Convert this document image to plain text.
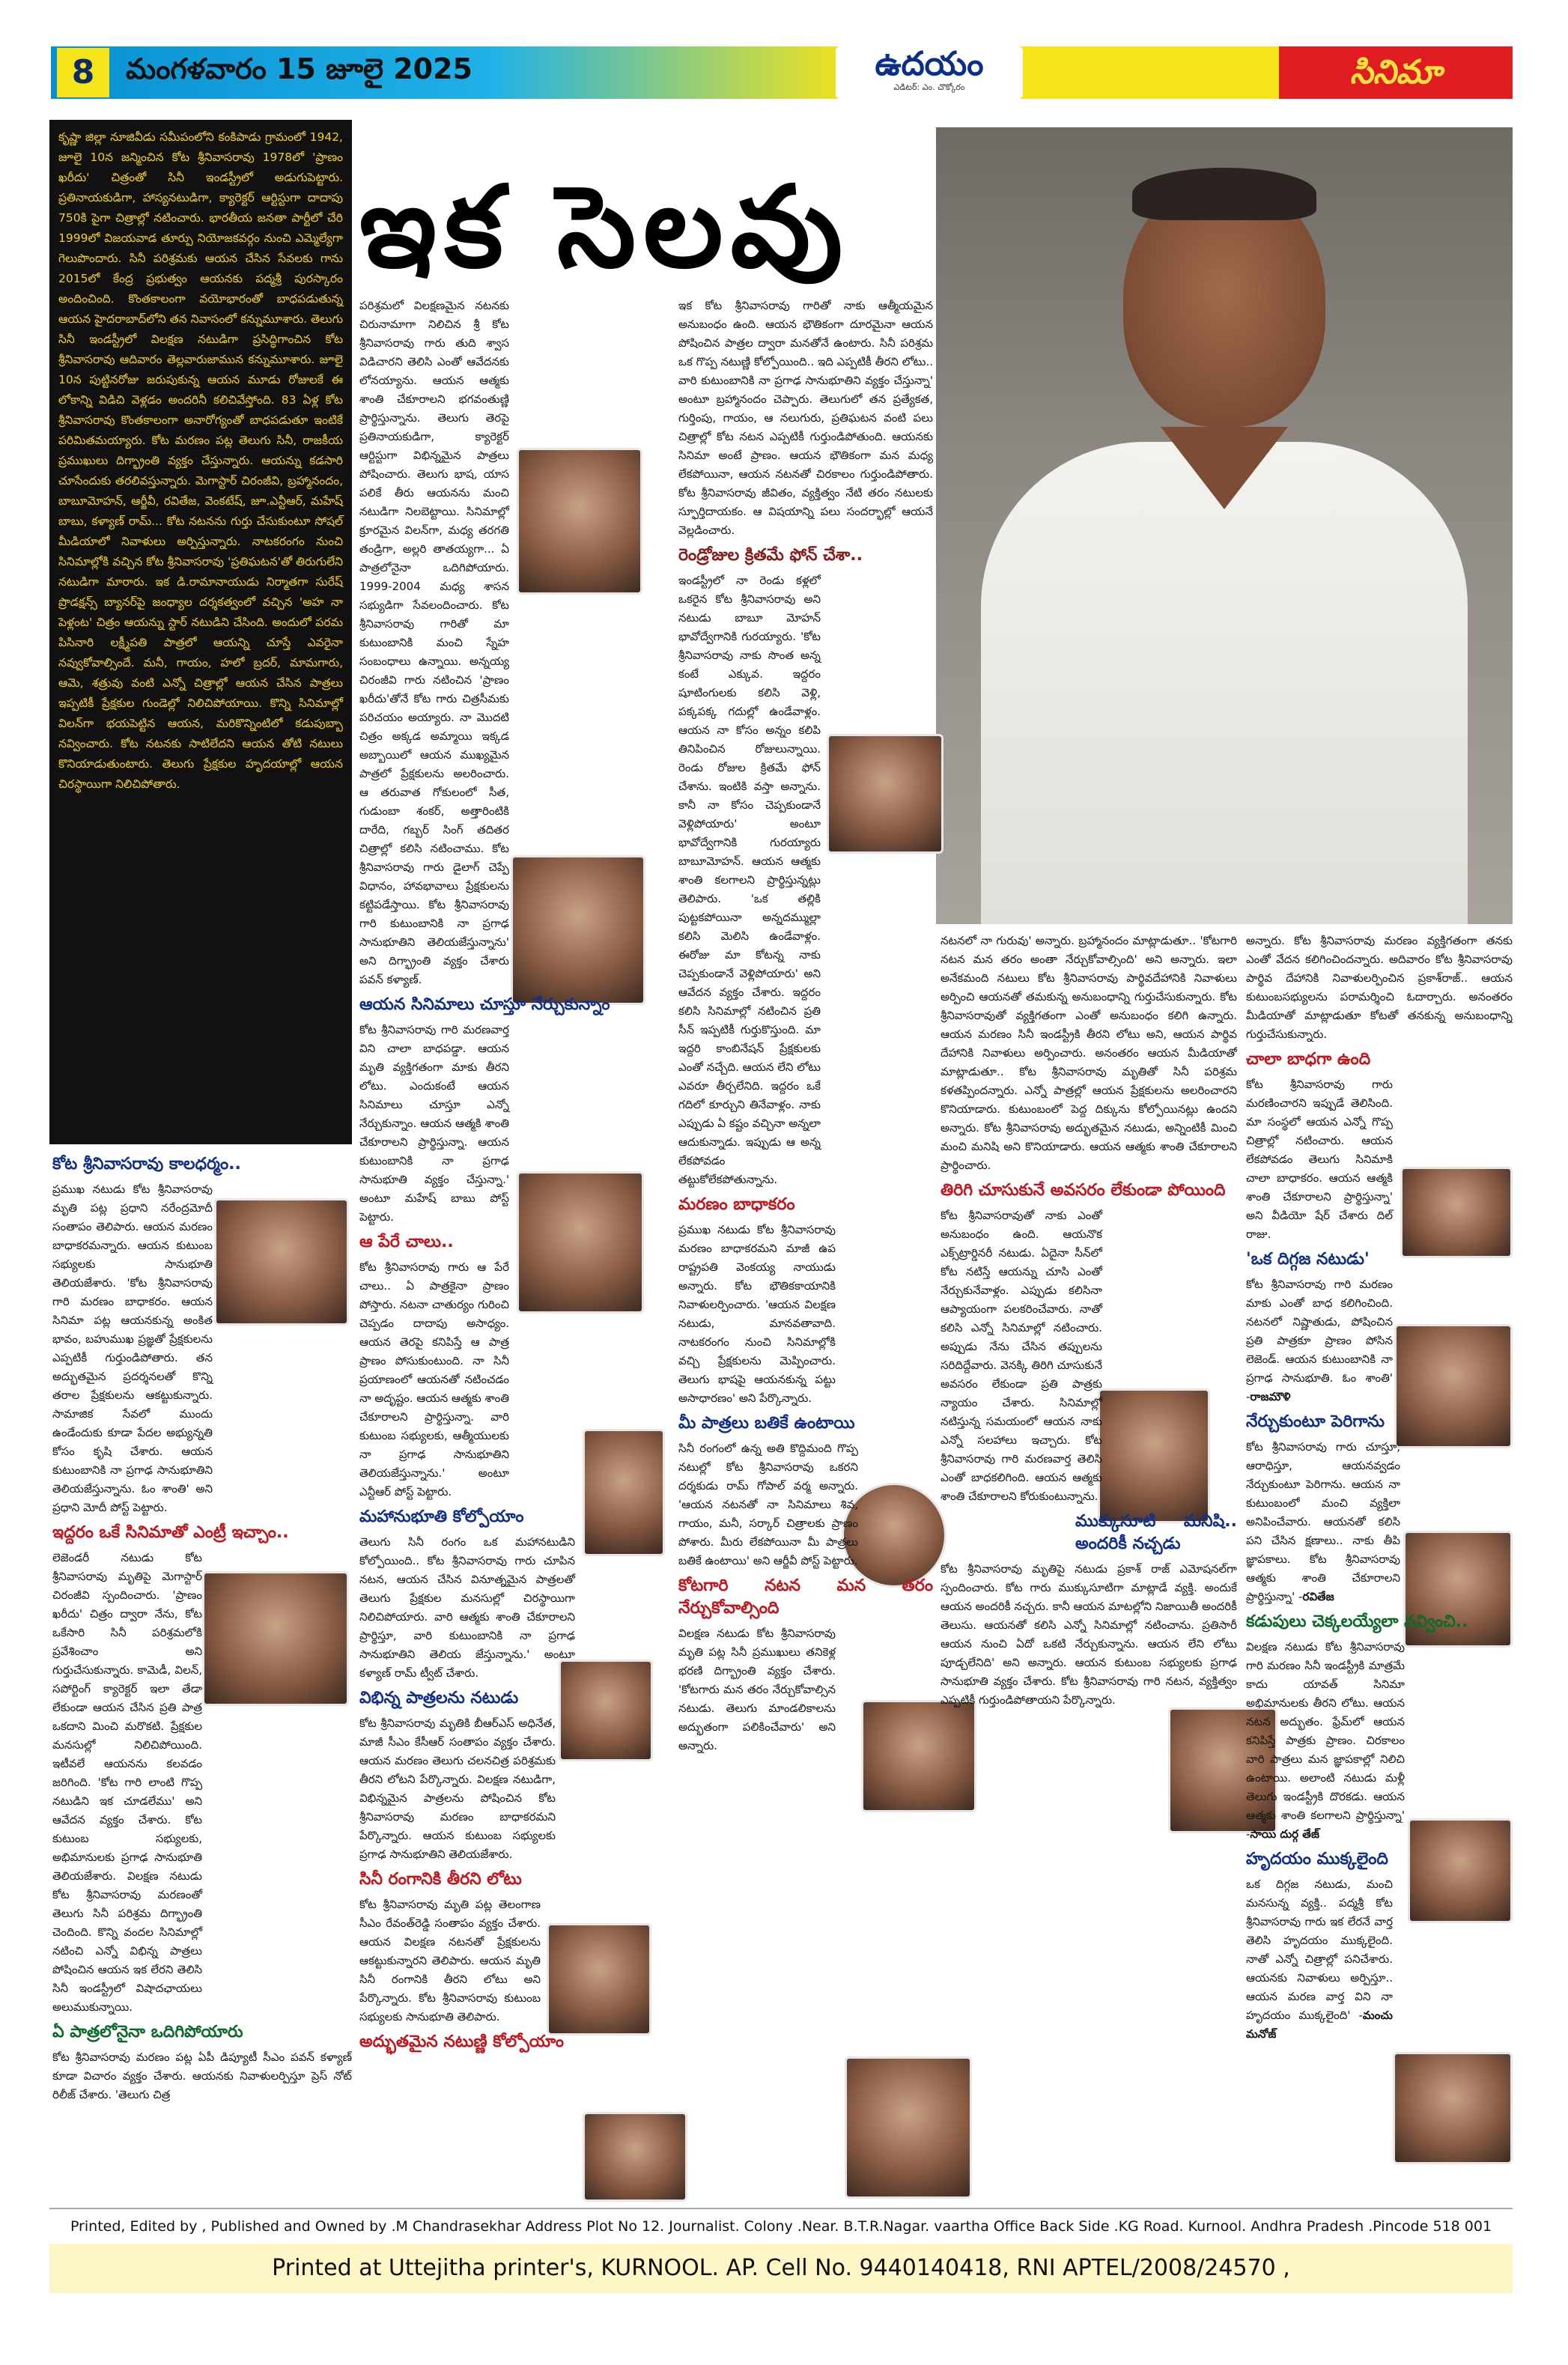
8	మంగళవారం 15 జూలై 2025	ఉదయం
ఎడిటర్: ఎం. చొక్కోరం	సినిమా
కృష్ణా జిల్లా నూజివీడు సమీపంలోని కంకిపాడు గ్రామంలో 1942, జూలై 10న జన్మించిన కోట శ్రీనివాసరావు 1978లో 'ప్రాణం ఖరీదు' చిత్రంతో సినీ ఇండస్ట్రీలో అడుగుపెట్టారు. ప్రతినాయకుడిగా, హాస్యనటుడిగా, క్యారెక్టర్ ఆర్టిస్టుగా దాదాపు 750కి పైగా చిత్రాల్లో నటించారు. భారతీయ జనతా పార్టీలో చేరి 1999లో విజయవాడ తూర్పు నియోజకవర్గం నుంచి ఎమ్మెల్యేగా గెలుపొందారు. సినీ పరిశ్రమకు ఆయన చేసిన సేవలకు గాను 2015లో కేంద్ర ప్రభుత్వం ఆయనకు పద్మశ్రీ పురస్కారం అందించింది. కొంతకాలంగా వయోభారంతో బాధపడుతున్న ఆయన హైదరాబాద్‌లోని తన నివాసంలో కన్నుమూశారు. తెలుగు సినీ ఇండస్ట్రీలో విలక్షణ నటుడిగా ప్రసిద్ధిగాంచిన కోట శ్రీనివాసరావు ఆదివారం తెల్లవారుజామున కన్నుమూశారు. జూలై 10న పుట్టినరోజు జరుపుకున్న ఆయన మూడు రోజులకే ఈ లోకాన్ని విడిచి వెళ్లడం అందరినీ కలిచివేస్తోంది. 83 ఏళ్ల కోట శ్రీనివాసరావు కొంతకాలంగా అనారోగ్యంతో బాధపడుతూ ఇంటికే పరిమితమయ్యారు. కోట మరణం పట్ల తెలుగు సినీ, రాజకీయ ప్రముఖులు దిగ్భ్రాంతి వ్యక్తం చేస్తున్నారు. ఆయన్ను కడసారి చూసేందుకు తరలివస్తున్నారు. మెగాస్టార్ చిరంజీవి, బ్రహ్మానందం, బాబూమోహన్, ఆర్జీవీ, రవితేజ, వెంకటేష్, జూ.ఎన్టీఆర్, మహేష్ బాబు, కళ్యాణ్ రామ్... కోట నటనను గుర్తు చేసుకుంటూ సోషల్ మీడియాలో నివాళులు అర్పిస్తున్నారు. నాటకరంగం నుంచి సినిమాల్లోకి వచ్చిన కోట శ్రీనివాసరావు 'ప్రతిఘటన'తో తిరుగులేని నటుడిగా మారారు. ఇక డి.రామానాయుడు నిర్మాతగా సురేష్ ప్రొడక్షన్స్ బ్యానర్‌పై జంధ్యాల దర్శకత్వంలో వచ్చిన 'అహ నా పెళ్లంట' చిత్రం ఆయన్ను స్టార్ నటుడిని చేసింది. అందులో పరమ పిసినారి లక్ష్మీపతి పాత్రలో ఆయన్ని చూస్తే ఎవరైనా నవ్వుకోవాల్సిందే. మనీ, గాయం, హలో బ్రదర్, మామగారు, ఆమె, శత్రువు వంటి ఎన్నో చిత్రాల్లో ఆయన చేసిన పాత్రలు ఇప్పటికీ ప్రేక్షకుల గుండెల్లో నిలిచిపోయాయి. కొన్ని సినిమాల్లో విలన్‌గా భయపెట్టిన ఆయన, మరికొన్నింటిలో కడుపుబ్బా నవ్వించారు. కోట నటనకు సాటిలేదని ఆయన తోటి నటులు కొనియాడుతుంటారు. తెలుగు ప్రేక్షకుల హృదయాల్లో ఆయన చిరస్థాయిగా నిలిచిపోతారు.
ఇక సెలవు

పరిశ్రమలో విలక్షణమైన నటనకు చిరునామాగా నిలిచిన శ్రీ కోట శ్రీనివాసరావు గారు తుది శ్వాస విడిచారని తెలిసి ఎంతో ఆవేదనకు లోనయ్యాను. ఆయన ఆత్మకు శాంతి చేకూరాలని భగవంతుణ్ణి ప్రార్థిస్తున్నాను. తెలుగు తెరపై ప్రతినాయకుడిగా, క్యారెక్టర్ ఆర్టిస్టుగా విభిన్నమైన పాత్రలు పోషించారు. తెలుగు భాష, యాస పలికే తీరు ఆయనను మంచి నటుడిగా నిలబెట్టాయి. సినిమాల్లో క్రూరమైన విలన్‌గా, మధ్య తరగతి తండ్రిగా, అల్లరి తాతయ్యగా... ఏ పాత్రలోనైనా ఒదిగిపోయారు. 1999-2004 మధ్య శాసన సభ్యుడిగా సేవలందించారు. కోట శ్రీనివాసరావు గారితో మా కుటుంబానికి మంచి స్నేహ సంబంధాలు ఉన్నాయి. అన్నయ్య చిరంజీవి గారు నటించిన 'ప్రాణం ఖరీదు'తోనే కోట గారు చిత్రసీమకు పరిచయం అయ్యారు. నా మొదటి చిత్రం అక్కడ అమ్మాయి ఇక్కడ అబ్బాయిలో ఆయన ముఖ్యమైన పాత్రలో ప్రేక్షకులను అలరించారు. ఆ తరువాత గోకులంలో సీత, గుడుంబా శంకర్, అత్తారింటికి దారేది, గబ్బర్ సింగ్ తదితర చిత్రాల్లో కలిసి నటించాము. కోట శ్రీనివాసరావు గారు డైలాగ్ చెప్పే విధానం, హావభావాలు ప్రేక్షకులను కట్టిపడేస్తాయి. కోట శ్రీనివాసరావు గారి కుటుంబానికి నా ప్రగాఢ సానుభూతిని తెలియజేస్తున్నాను' అని దిగ్భ్రాంతి వ్యక్తం చేశారు పవన్ కళ్యాణ్.

ఆయన సినిమాలు చూస్తూ నేర్చుకున్నాం

కోట శ్రీనివాసరావు గారి మరణవార్త విని చాలా బాధపడ్డా. ఆయన మృతి వ్యక్తిగతంగా మాకు తీరని లోటు. ఎందుకంటే ఆయన సినిమాలు చూస్తూ ఎన్నో నేర్చుకున్నాం. ఆయన ఆత్మకి శాంతి చేకూరాలని ప్రార్థిస్తున్నా. ఆయన కుటుంబానికి నా ప్రగాఢ సానుభూతి వ్యక్తం చేస్తున్నా.' అంటూ మహేష్ బాబు పోస్ట్ పెట్టారు.

ఆ పేరే చాలు..

కోట శ్రీనివాసరావు గారు ఆ పేరే చాలు.. ఏ పాత్రకైనా ప్రాణం పోస్తారు. నటనా చాతుర్యం గురించి చెప్పడం దాదాపు అసాధ్యం. ఆయన తెరపై కనిపిస్తే ఆ పాత్ర ప్రాణం పోసుకుంటుంది. నా సినీ ప్రయాణంలో ఆయనతో నటించడం నా అదృష్టం. ఆయన ఆత్మకు శాంతి చేకూరాలని ప్రార్థిస్తున్నా. వారి కుటుంబ సభ్యులకు, ఆత్మీయులకు నా ప్రగాఢ సానుభూతిని తెలియజేస్తున్నాను.' అంటూ ఎన్టీఆర్ పోస్ట్ పెట్టారు.

మహానుభూతి కోల్పోయాం

తెలుగు సినీ రంగం ఒక మహానటుడిని కోల్పోయింది.. కోట శ్రీనివాసరావు గారు చూపిన నటన, ఆయన చేసిన వినూత్నమైన పాత్రలతో తెలుగు ప్రేక్షకుల మనసుల్లో చిరస్థాయిగా నిలిచిపోయారు. వారి ఆత్మకు శాంతి చేకూరాలని ప్రార్థిస్తూ, వారి కుటుంబానికి నా ప్రగాఢ సానుభూతిని తెలియ జేస్తున్నాను.' అంటూ కళ్యాణ్ రామ్ ట్వీట్ చేశారు.

విభిన్న పాత్రలను నటుడు

కోట శ్రీనివాసరావు మృతికి బీఆర్ఎస్ అధినేత, మాజీ సీఎం కేసీఆర్ సంతాపం వ్యక్తం చేశారు. ఆయన మరణం తెలుగు చలనచిత్ర పరిశ్రమకు తీరని లోటని పేర్కొన్నారు. విలక్షణ నటుడిగా, విభిన్నమైన పాత్రలను పోషించిన కోట శ్రీనివాసరావు మరణం బాధాకరమని పేర్కొన్నారు. ఆయన కుటుంబ సభ్యులకు ప్రగాఢ సానుభూతిని తెలియజేశారు.

సినీ రంగానికి తీరని లోటు

కోట శ్రీనివాసరావు మృతి పట్ల తెలంగాణ సీఎం రేవంత్‌రెడ్డి సంతాపం వ్యక్తం చేశారు. ఆయన విలక్షణ నటనతో ప్రేక్షకులను ఆకట్టుకున్నారని తెలిపారు. ఆయన మృతి సినీ రంగానికి తీరని లోటు అని పేర్కొన్నారు. కోట శ్రీనివాసరావు కుటుంబ సభ్యులకు సానుభూతి తెలిపారు.

అద్భుతమైన నటుణ్ణి కోల్పోయాం

ఇక కోట శ్రీనివాసరావు గారితో నాకు ఆత్మీయమైన అనుబంధం ఉంది. ఆయన భౌతికంగా దూరమైనా ఆయన పోషించిన పాత్రల ద్వారా మనతోనే ఉంటారు. సినీ పరిశ్రమ ఒక గొప్ప నటుణ్ణి కోల్పోయింది.. ఇది ఎప్పటికీ తీరని లోటు.. వారి కుటుంబానికి నా ప్రగాఢ సానుభూతిని వ్యక్తం చేస్తున్నా' అంటూ బ్రహ్మానందం చెప్పారు. తెలుగులో తన ప్రత్యేకత, గుర్తింపు, గాయం, ఆ నలుగురు, ప్రతిఘటన వంటి పలు చిత్రాల్లో కోట నటన ఎప్పటికీ గుర్తుండిపోతుంది. ఆయనకు సినిమా అంటే ప్రాణం. ఆయన భౌతికంగా మన మధ్య లేకపోయినా, ఆయన నటనతో చిరకాలం గుర్తుండిపోతారు. కోట శ్రీనివాసరావు జీవితం, వ్యక్తిత్వం నేటి తరం నటులకు స్ఫూర్తిదాయకం. ఆ విషయాన్ని పలు సందర్భాల్లో ఆయనే వెల్లడించారు.

రెండ్రోజుల క్రితమే ఫోన్ చేశా..

ఇండస్ట్రీలో నా రెండు కళ్లలో ఒకరైన కోట శ్రీనివాసరావు అని నటుడు బాబూ మోహన్ భావోద్వేగానికి గురయ్యారు. 'కోట శ్రీనివాసరావు నాకు సొంత అన్న కంటే ఎక్కువ. ఇద్దరం షూటింగులకు కలిసి వెళ్లి, పక్కపక్క గదుల్లో ఉండేవాళ్లం. ఆయన నా కోసం అన్నం కలిపి తినిపించిన రోజులున్నాయి. రెండు రోజుల క్రితమే ఫోన్ చేశాను. ఇంటికి వస్తా అన్నాను. కానీ నా కోసం చెప్పకుండానే వెళ్లిపోయారు' అంటూ భావోద్వేగానికి గురయ్యారు బాబూమోహన్. ఆయన ఆత్మకు శాంతి కలగాలని ప్రార్థిస్తున్నట్లు తెలిపారు. 'ఒక తల్లికి పుట్టకపోయినా అన్నదమ్ముల్లా కలిసి మెలిసి ఉండేవాళ్లం. ఈరోజు మా కోటన్న నాకు చెప్పకుండానే వెళ్లిపోయారు' అని ఆవేదన వ్యక్తం చేశారు. ఇద్దరం కలిసి సినిమాల్లో నటించిన ప్రతి సీన్ ఇప్పటికీ గుర్తుకొస్తుంది. మా ఇద్దరి కాంబినేషన్ ప్రేక్షకులకు ఎంతో నచ్చేది. ఆయన లేని లోటు ఎవరూ తీర్చలేనిది. ఇద్దరం ఒకే గదిలో కూర్చుని తినేవాళ్లం. నాకు ఎప్పుడు ఏ కష్టం వచ్చినా అన్నలా ఆదుకున్నాడు. ఇప్పుడు ఆ అన్న లేకపోవడం తట్టుకోలేకపోతున్నాను.

మరణం బాధాకరం

ప్రముఖ నటుడు కోట శ్రీనివాసరావు మరణం బాధాకరమని మాజీ ఉప రాష్ట్రపతి వెంకయ్య నాయుడు అన్నారు. కోట భౌతికకాయానికి నివాళులర్పించారు. 'ఆయన విలక్షణ నటుడు, మానవతావాది. నాటకరంగం నుంచి సినిమాల్లోకి వచ్చి ప్రేక్షకులను మెప్పించారు. తెలుగు భాషపై ఆయనకున్న పట్టు అసాధారణం' అని పేర్కొన్నారు.

మీ పాత్రలు బతికే ఉంటాయి

సినీ రంగంలో ఉన్న అతి కొద్దిమంది గొప్ప నటుల్లో కోట శ్రీనివాసరావు ఒకరని దర్శకుడు రామ్ గోపాల్ వర్మ అన్నారు. 'ఆయన నటనతో నా సినిమాలు శివ, గాయం, మనీ, సర్కార్ చిత్రాలకు ప్రాణం పోశారు. మీరు లేకపోయినా మీ పాత్రలు బతికే ఉంటాయి' అని ఆర్జీవీ పోస్ట్ పెట్టారు.

కోటగారి నటన మన తరం నేర్చుకోవాల్సింది

విలక్షణ నటుడు కోట శ్రీనివాసరావు మృతి పట్ల సినీ ప్రముఖులు తనికెళ్ల భరణి దిగ్భ్రాంతి వ్యక్తం చేశారు. 'కోటగారు మన తరం నేర్చుకోవాల్సిన నటుడు. తెలుగు మాండలికాలను అద్భుతంగా పలికించేవారు' అని అన్నారు.

నటనలో నా గురువు' అన్నారు. బ్రహ్మానందం మాట్లాడుతూ.. 'కోటగారి నటన మన తరం అంతా నేర్చుకోవాల్సింది' అని అన్నారు. ఇలా అనేకమంది నటులు కోట శ్రీనివాసరావు పార్థివదేహానికి నివాళులు అర్పించి ఆయనతో తమకున్న అనుబంధాన్ని గుర్తుచేసుకున్నారు. కోట శ్రీనివాసరావుతో వ్యక్తిగతంగా ఎంతో అనుబంధం కలిగి ఉన్నారు. ఆయన మరణం సినీ ఇండస్ట్రీకి తీరని లోటు అని, ఆయన పార్థివ దేహానికి నివాళులు అర్పించారు. అనంతరం ఆయన మీడియాతో మాట్లాడుతూ.. కోట శ్రీనివాసరావు మృతితో సినీ పరిశ్రమ కళతప్పిందన్నారు. ఎన్నో పాత్రల్లో ఆయన ప్రేక్షకులను అలరించారని కొనియాడారు. కుటుంబంలో పెద్ద దిక్కును కోల్పోయినట్లు ఉందని అన్నారు. కోట శ్రీనివాసరావు అద్భుతమైన నటుడు, అన్నింటికీ మించి మంచి మనిషి అని కొనియాడారు. ఆయన ఆత్మకు శాంతి చేకూరాలని ప్రార్థించారు.

తిరిగి చూసుకునే అవసరం లేకుండా పోయింది

కోట శ్రీనివాసరావుతో నాకు ఎంతో అనుబంధం ఉంది. ఆయనొక ఎక్స్‌ట్రార్డినరీ నటుడు. ఏదైనా సీన్‌లో కోట నటిస్తే ఆయన్ను చూసి ఎంతో నేర్చుకునేవాళ్లం. ఎప్పుడు కలిసినా ఆప్యాయంగా పలకరించేవారు. నాతో కలిసి ఎన్నో సినిమాల్లో నటించారు. అప్పుడు నేను చేసిన తప్పులను సరిదిద్దేవారు. వెనక్కి తిరిగి చూసుకునే అవసరం లేకుండా ప్రతి పాత్రకు న్యాయం చేశారు. సినిమాల్లో నటిస్తున్న సమయంలో ఆయన నాకు ఎన్నో సలహాలు ఇచ్చారు. కోట శ్రీనివాసరావు గారి మరణవార్త తెలిసి ఎంతో బాధకలిగింది. ఆయన ఆత్మకు శాంతి చేకూరాలని కోరుకుంటున్నాను.

ముక్కుసూటి మనిషి.. అందరికీ నచ్చడు

కోట శ్రీనివాసరావు మృతిపై నటుడు ప్రకాశ్ రాజ్ ఎమోషనల్‌గా స్పందించారు. కోట గారు ముక్కుసూటిగా మాట్లాడే వ్యక్తి. అందుకే ఆయన అందరికీ నచ్చరు. కానీ ఆయన మాటల్లోని నిజాయితీ అందరికీ తెలుసు. ఆయనతో కలిసి ఎన్నో సినిమాల్లో నటించాను. ప్రతిసారీ ఆయన నుంచి ఏదో ఒకటి నేర్చుకున్నాను. ఆయన లేని లోటు పూడ్చలేనిది' అని అన్నారు. ఆయన కుటుంబ సభ్యులకు ప్రగాఢ సానుభూతి వ్యక్తం చేశారు. కోట శ్రీనివాసరావు గారి నటన, వ్యక్తిత్వం ఎప్పటికీ గుర్తుండిపోతాయని పేర్కొన్నారు.

అన్నారు. కోట శ్రీనివాసరావు మరణం వ్యక్తిగతంగా తనకు ఎంతో వేదన కలిగించిందన్నారు. అదివారం కోట శ్రీనివాసరావు పార్థివ దేహానికి నివాళులర్పించిన ప్రకాశ్‌రాజ్.. ఆయన కుటుంబసభ్యులను పరామర్శించి ఓదార్చారు. అనంతరం మీడియాతో మాట్లాడుతూ కోటతో తనకున్న అనుబంధాన్ని గుర్తుచేసుకున్నారు.

చాలా బాధగా ఉంది

కోట శ్రీనివాసరావు గారు మరణించారని ఇప్పుడే తెలిసింది. మా సంస్థలో ఆయన ఎన్నో గొప్ప చిత్రాల్లో నటించారు. ఆయన లేకపోవడం తెలుగు సినిమాకి చాలా బాధాకరం. ఆయన ఆత్మకి శాంతి చేకూరాలని ప్రార్థిస్తున్నా' అని వీడియో షేర్ చేశారు దిల్ రాజు.

'ఒక దిగ్గజ నటుడు'

కోట శ్రీనివాసరావు గారి మరణం మాకు ఎంతో బాధ కలిగించింది. నటనలో నిష్ణాతుడు, పోషించిన ప్రతి పాత్రకూ ప్రాణం పోసిన లెజెండ్. ఆయన కుటుంబానికి నా ప్రగాఢ సానుభూతి. ఓం శాంతి' -రాజమౌళి

నేర్చుకుంటూ పెరిగాను

కోట శ్రీనివాసరావు గారు చూస్తూ, ఆరాధిస్తూ, ఆయనవ్వడం నేర్చుకుంటూ పెరిగాను. ఆయన నా కుటుంబంలో మంచి వ్యక్తిలా అనిపించేవారు. ఆయనతో కలిసి పని చేసిన క్షణాలు.. నాకు తీపి జ్ఞాపకాలు. కోట శ్రీనివాసరావు ఆత్మకు శాంతి చేకూరాలని ప్రార్థిస్తున్నా' -రవితేజ

కడుపులు చెక్కలయ్యేలా నవ్వించి..

విలక్షణ నటుడు కోట శ్రీనివాసరావు గారి మరణం సినీ ఇండస్ట్రీకి మాత్రమే కాదు యావత్ సినిమా అభిమానులకు తీరని లోటు. ఆయన నటన అద్భుతం. ఫ్రేమ్‌లో ఆయన కనిపిస్తే పాత్రకు ప్రాణం. చిరకాలం వారి పాత్రలు మన జ్ఞాపకాల్లో నిలిచి ఉంటాయి. అలాంటి నటుడు మళ్లీ తెలుగు ఇండస్ట్రీకి దొరకడు. ఆయన ఆత్మకు శాంతి కలగాలని ప్రార్థిస్తున్నా' -సాయి దుర్గ తేజ్

హృదయం ముక్కలైంది

ఒక దిగ్గజ నటుడు, మంచి మనసున్న వ్యక్తి.. పద్మశ్రీ కోట శ్రీనివాసరావు గారు ఇక లేరనే వార్త తెలిసి హృదయం ముక్కలైంది. నాతో ఎన్నో చిత్రాల్లో పనిచేశారు. ఆయనకు నివాళులు అర్పిస్తూ.. ఆయన మరణ వార్త విని నా హృదయం ముక్కలైంది' -మంచు మనోజ్

కోట శ్రీనివాసరావు కాలధర్మం..

ప్రముఖ నటుడు కోట శ్రీనివాసరావు మృతి పట్ల ప్రధాని నరేంద్రమోదీ సంతాపం తెలిపారు. ఆయన మరణం బాధాకరమన్నారు. ఆయన కుటుంబ సభ్యులకు సానుభూతి తెలియజేశారు. 'కోట శ్రీనివాసరావు గారి మరణం బాధాకరం. ఆయన సినిమా పట్ల ఆయనకున్న అంకిత భావం, బహుముఖ ప్రజ్ఞతో ప్రేక్షకులను ఎప్పటికీ గుర్తుండిపోతారు. తన అద్భుతమైన ప్రదర్శనలతో కొన్ని తరాల ప్రేక్షకులను ఆకట్టుకున్నారు. సామాజిక సేవలో ముందు ఉండేందుకు కూడా పేదల అభ్యున్నతి కోసం కృషి చేశారు. ఆయన కుటుంబానికి నా ప్రగాఢ సానుభూతిని తెలియజేస్తున్నాను. ఓం శాంతి' అని ప్రధాని మోదీ పోస్ట్ పెట్టారు.

ఇద్దరం ఒకే సినిమాతో ఎంట్రీ ఇచ్చాం..

లెజెండరీ నటుడు కోట శ్రీనివాసరావు మృతిపై మెగాస్టార్ చిరంజీవి స్పందించారు. 'ప్రాణం ఖరీదు' చిత్రం ద్వారా నేను, కోట ఒకేసారి సినీ పరిశ్రమలోకి ప్రవేశించాం అని గుర్తుచేసుకున్నారు. కామెడీ, విలన్, సపోర్టింగ్ క్యారెక్టర్ ఇలా తేడా లేకుండా ఆయన చేసిన ప్రతి పాత్ర ఒకదాని మించి మరొకటి. ప్రేక్షకుల మనసుల్లో నిలిచిపోయింది. ఇటీవలే ఆయనను కలవడం జరిగింది. 'కోట గారి లాంటి గొప్ప నటుడిని ఇక చూడలేము' అని ఆవేదన వ్యక్తం చేశారు. కోట కుటుంబ సభ్యులకు, అభిమానులకు ప్రగాఢ సానుభూతి తెలియజేశారు. విలక్షణ నటుడు కోట శ్రీనివాసరావు మరణంతో తెలుగు సినీ పరిశ్రమ దిగ్భ్రాంతి చెందింది. కొన్ని వందల సినిమాల్లో నటించి ఎన్నో విభిన్న పాత్రలు పోషించిన ఆయన ఇక లేరని తెలిసి సినీ ఇండస్ట్రీలో విషాదఛాయలు అలుముకున్నాయి.

ఏ పాత్రలోనైనా ఒదిగిపోయారు

కోట శ్రీనివాసరావు మరణం పట్ల ఏపీ డిప్యూటీ సీఎం పవన్ కళ్యాణ్ కూడా విచారం వ్యక్తం చేశారు. ఆయనకు నివాళులర్పిస్తూ ప్రెస్ నోట్ రిలీజ్ చేశారు. 'తెలుగు చిత్ర

Printed, Edited by , Published and Owned by .M Chandrasekhar Address Plot No 12. Journalist. Colony .Near. B.T.R.Nagar. vaartha Office Back Side .KG Road. Kurnool. Andhra Pradesh .Pincode 518 001
Printed at Uttejitha printer's, KURNOOL. AP. Cell No. 9440140418, RNI APTEL/2008/24570 ,
